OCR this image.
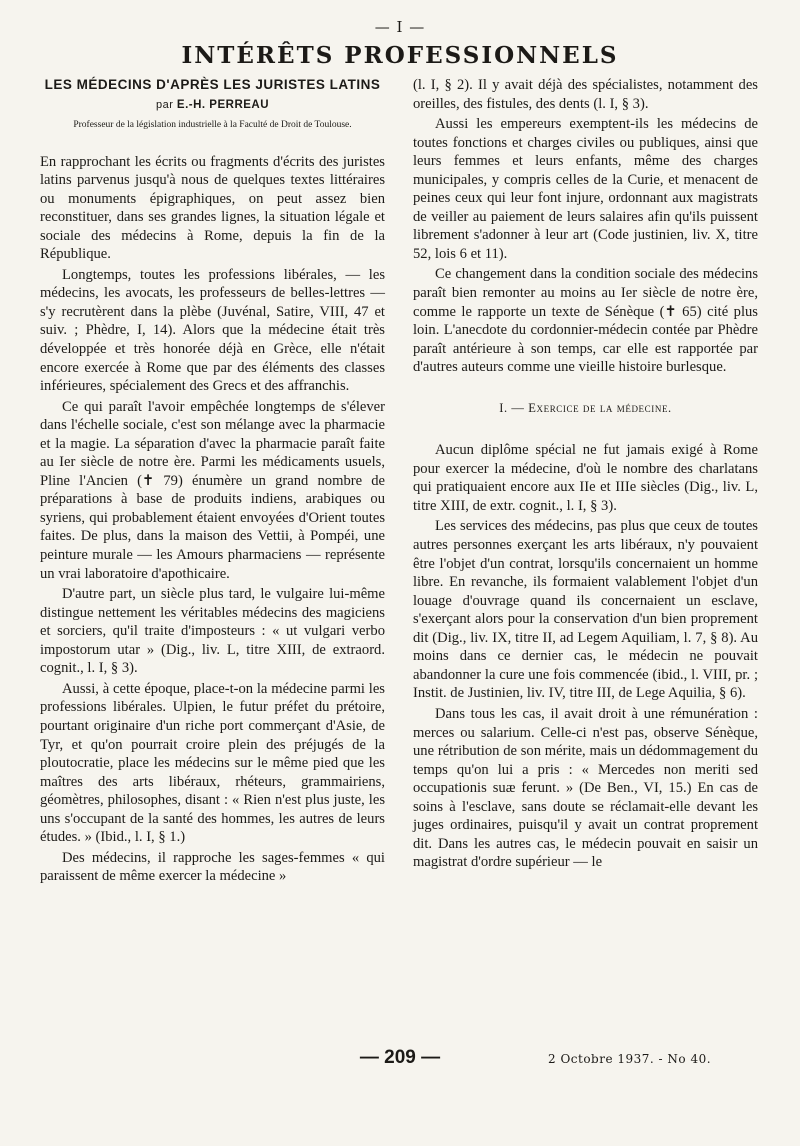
— I —
INTÉRÊTS PROFESSIONNELS
LES MÉDECINS D'APRÈS LES JURISTES LATINS
par E.-H. PERREAU
Professeur de la législation industrielle à la Faculté de Droit de Toulouse.

En rapprochant les écrits ou fragments d'écrits des juristes latins parvenus jusqu'à nous de quelques textes littéraires ou monuments épigraphiques, on peut assez bien reconstituer, dans ses grandes lignes, la situation légale et sociale des médecins à Rome, depuis la fin de la République.

Longtemps, toutes les professions libérales, — les médecins, les avocats, les professeurs de belles-lettres — s'y recrutèrent dans la plèbe (Juvénal, Satire, VIII, 47 et suiv. ; Phèdre, I, 14). Alors que la médecine était très développée et très honorée déjà en Grèce, elle n'était encore exercée à Rome que par des éléments des classes inférieures, spécialement des Grecs et des affranchis.

Ce qui paraît l'avoir empêchée longtemps de s'élever dans l'échelle sociale, c'est son mélange avec la pharmacie et la magie. La séparation d'avec la pharmacie paraît faite au Ier siècle de notre ère. Parmi les médicaments usuels, Pline l'Ancien (✝ 79) énumère un grand nombre de préparations à base de produits indiens, arabiques ou syriens, qui probablement étaient envoyées d'Orient toutes faites. De plus, dans la maison des Vettii, à Pompéi, une peinture murale — les Amours pharmaciens — représente un vrai laboratoire d'apothicaire.

D'autre part, un siècle plus tard, le vulgaire lui-même distingue nettement les véritables médecins des magiciens et sorciers, qu'il traite d'imposteurs : « ut vulgari verbo impostorum utar » (Dig., liv. L, titre XIII, de extraord. cognit., l. I, § 3).

Aussi, à cette époque, place-t-on la médecine parmi les professions libérales. Ulpien, le futur préfet du prétoire, pourtant originaire d'un riche port commerçant d'Asie, de Tyr, et qu'on pourrait croire plein des préjugés de la ploutocratie, place les médecins sur le même pied que les maîtres des arts libéraux, rhéteurs, grammairiens, géomètres, philosophes, disant : « Rien n'est plus juste, les uns s'occupant de la santé des hommes, les autres de leurs études. » (Ibid., l. I, § 1.)

Des médecins, il rapproche les sages-femmes « qui paraissent de même exercer la médecine »

(l. I, § 2). Il y avait déjà des spécialistes, notamment des oreilles, des fistules, des dents (l. I, § 3).

Aussi les empereurs exemptent-ils les médecins de toutes fonctions et charges civiles ou publiques, ainsi que leurs femmes et leurs enfants, même des charges municipales, y compris celles de la Curie, et menacent de peines ceux qui leur font injure, ordonnant aux magistrats de veiller au paiement de leurs salaires afin qu'ils puissent librement s'adonner à leur art (Code justinien, liv. X, titre 52, lois 6 et 11).

Ce changement dans la condition sociale des médecins paraît bien remonter au moins au Ier siècle de notre ère, comme le rapporte un texte de Sénèque (✝ 65) cité plus loin. L'anecdote du cordonnier-médecin contée par Phèdre paraît antérieure à son temps, car elle est rapportée par d'autres auteurs comme une vieille histoire burlesque.

I. — Exercice de la médecine.

Aucun diplôme spécial ne fut jamais exigé à Rome pour exercer la médecine, d'où le nombre des charlatans qui pratiquaient encore aux IIe et IIIe siècles (Dig., liv. L, titre XIII, de extr. cognit., l. I, § 3).

Les services des médecins, pas plus que ceux de toutes autres personnes exerçant les arts libéraux, n'y pouvaient être l'objet d'un contrat, lorsqu'ils concernaient un homme libre. En revanche, ils formaient valablement l'objet d'un louage d'ouvrage quand ils concernaient un esclave, s'exerçant alors pour la conservation d'un bien proprement dit (Dig., liv. IX, titre II, ad Legem Aquiliam, l. 7, § 8). Au moins dans ce dernier cas, le médecin ne pouvait abandonner la cure une fois commencée (ibid., l. VIII, pr. ; Instit. de Justinien, liv. IV, titre III, de Lege Aquilia, § 6).

Dans tous les cas, il avait droit à une rémunération : merces ou salarium. Celle-ci n'est pas, observe Sénèque, une rétribution de son mérite, mais un dédommagement du temps qu'on lui a pris : « Mercedes non meriti sed occupationis suæ ferunt. » (De Ben., VI, 15.) En cas de soins à l'esclave, sans doute se réclamait-elle devant les juges ordinaires, puisqu'il y avait un contrat proprement dit. Dans les autres cas, le médecin pouvait en saisir un magistrat d'ordre supérieur — le

— 209 —	2 Octobre 1937. - No 40.
